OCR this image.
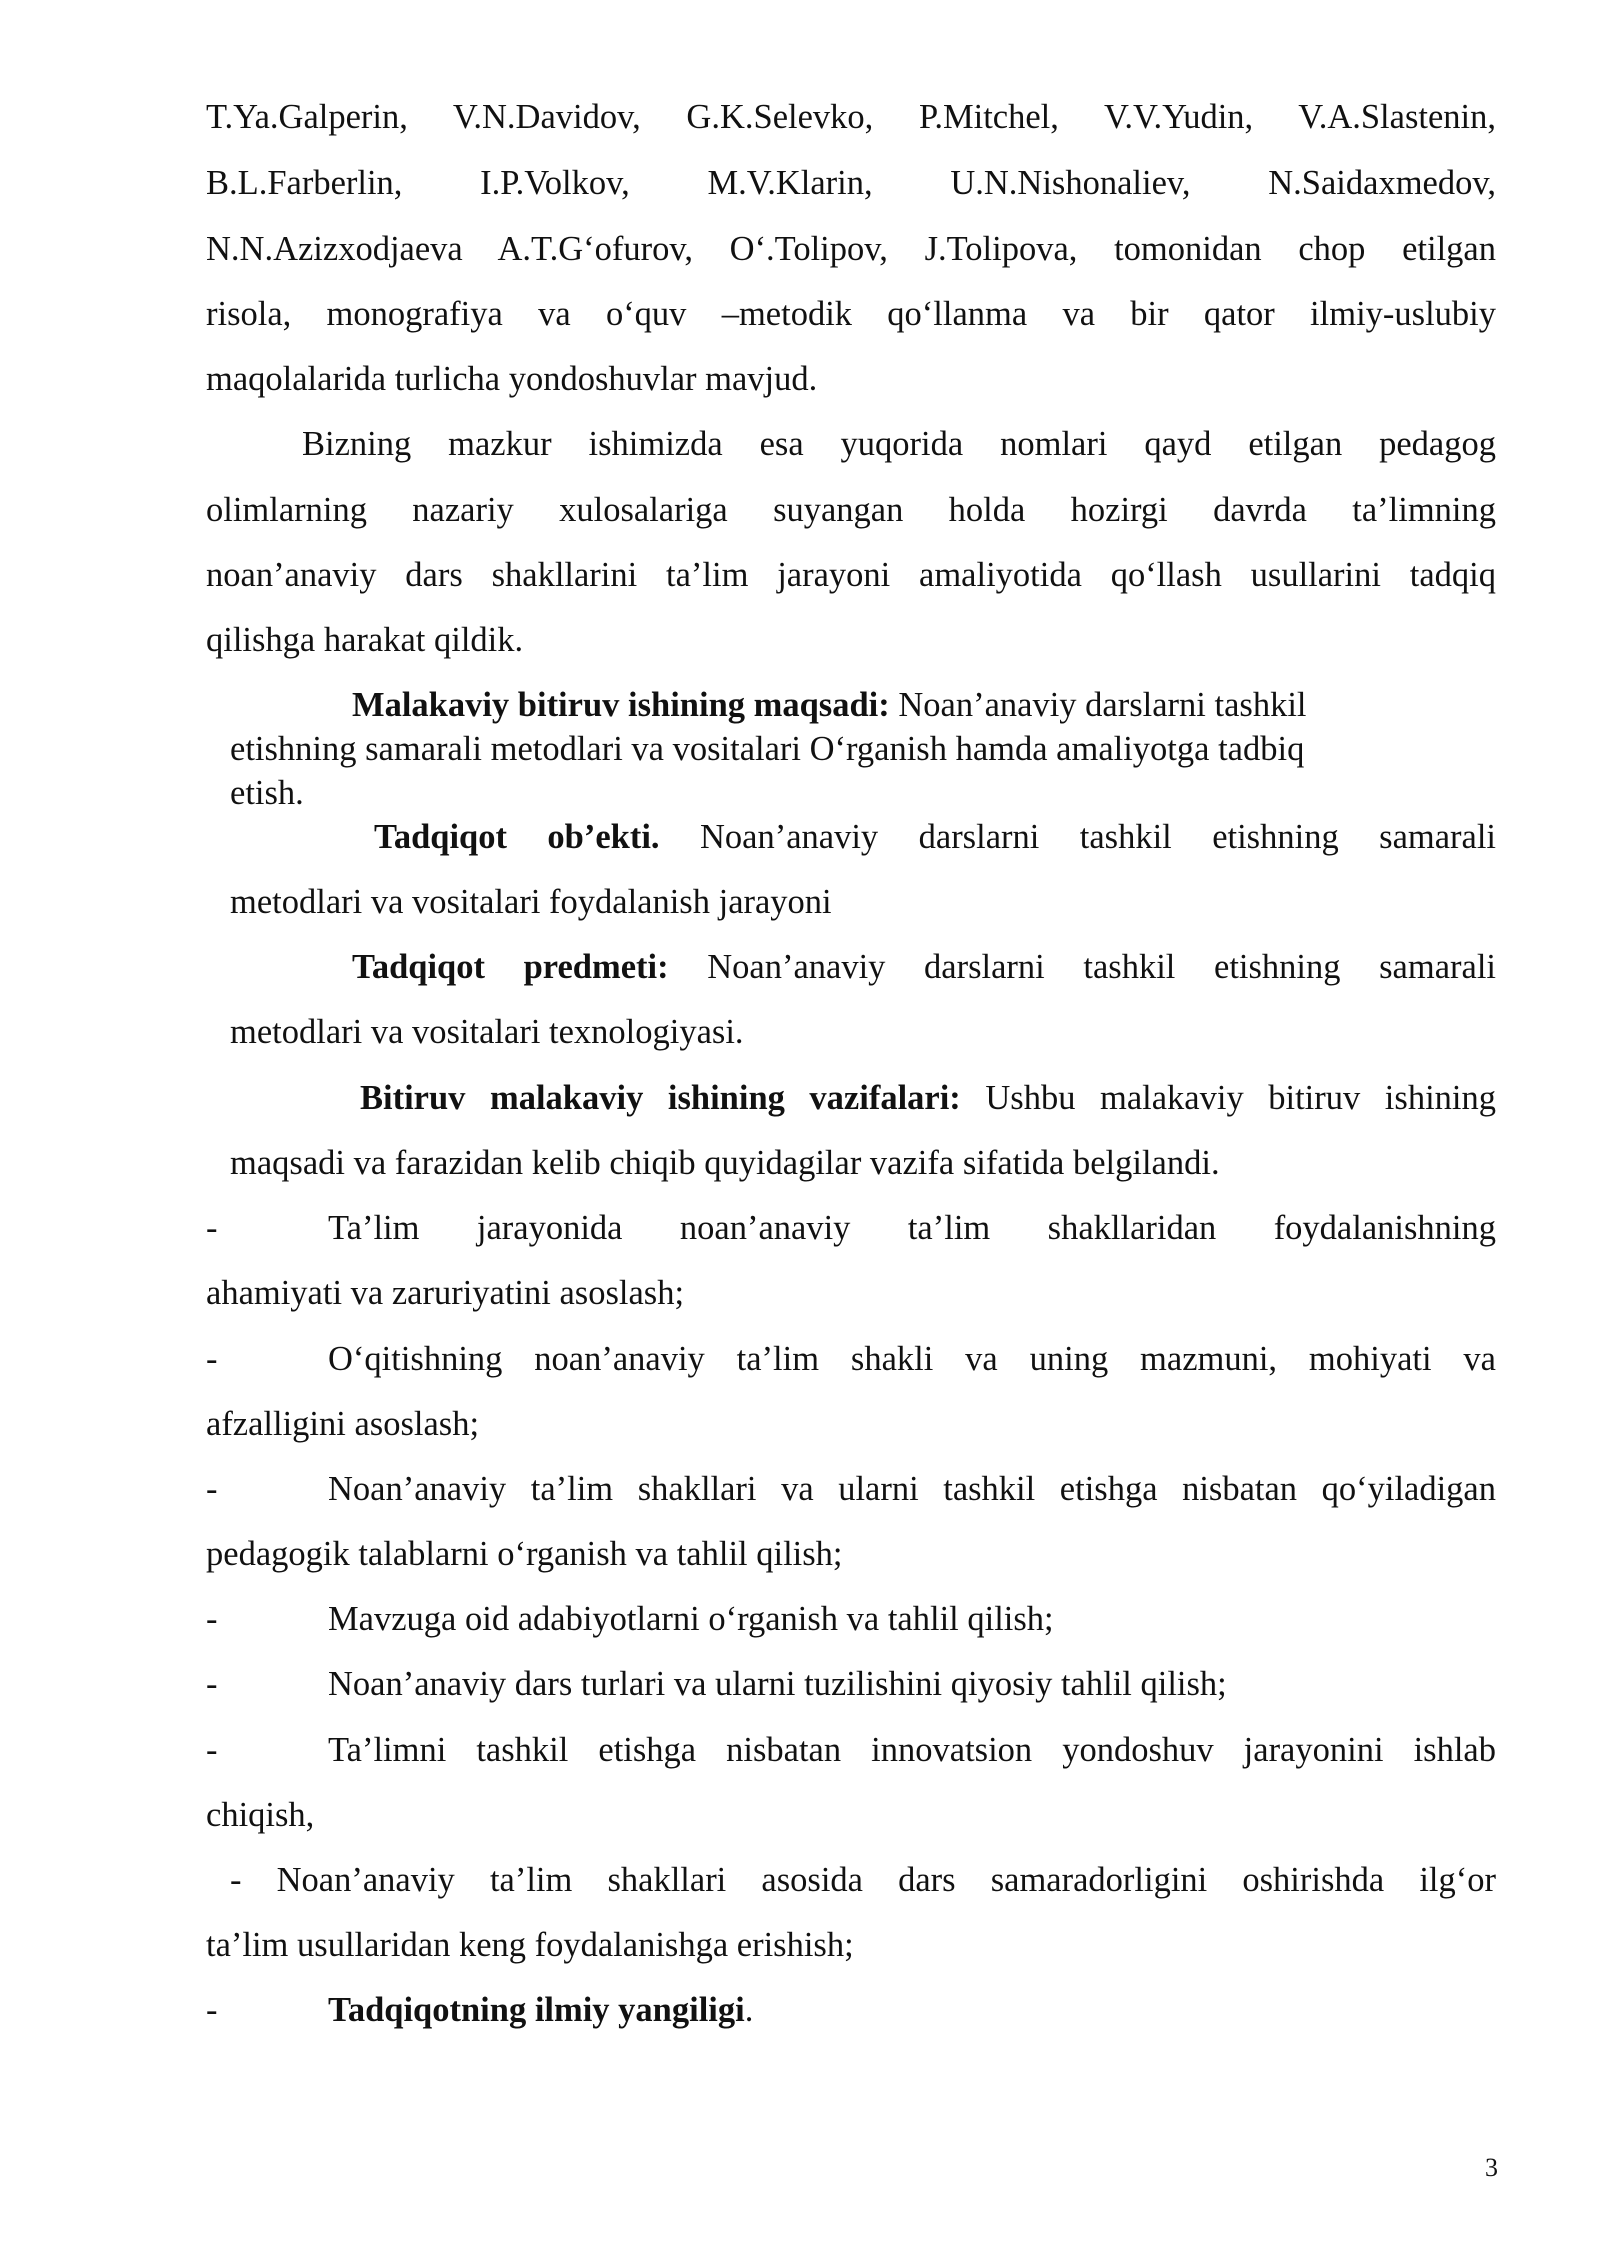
T.Ya.Galperin, V.N.Davidov, G.K.Selevko, P.Mitchel, V.V.Yudin, V.A.Slastenin,
B.L.Farberlin, I.P.Volkov, M.V.Klarin, U.N.Nishonaliev, N.Saidaxmedov,
N.N.Azizxodjaeva A.T.G‘ofurov, O‘.Tolipov, J.Tolipova, tomonidan chop etilgan
risola, monografiya va o‘quv –metodik qo‘llanma va bir qator ilmiy-uslubiy
maqolalarida turlicha yondoshuvlar mavjud.
Bizning mazkur ishimizda esa yuqorida nomlari qayd etilgan pedagog
olimlarning nazariy xulosalariga suyangan holda hozirgi davrda ta’limning
noan’anaviy dars shakllarini ta’lim jarayoni amaliyotida qo‘llash usullarini tadqiq
qilishga harakat qildik.
Malakaviy bitiruv ishining maqsadi: Noan’anaviy darslarni tashkil
etishning samarali metodlari va vositalari O‘rganish hamda amaliyotga tadbiq
etish.
Tadqiqot ob’ekti. Noan’anaviy darslarni tashkil etishning samarali
metodlari va vositalari foydalanish jarayoni
Tadqiqot predmeti: Noan’anaviy darslarni tashkil etishning samarali
metodlari va vositalari texnologiyasi.
Bitiruv malakaviy ishining vazifalari: Ushbu malakaviy bitiruv ishining
maqsadi va farazidan kelib chiqib quyidagilar vazifa sifatida belgilandi.
-	Ta’lim jarayonida noan’anaviy ta’lim shakllaridan foydalanishning
ahamiyati va zaruriyatini asoslash;
-	O‘qitishning noan’anaviy ta’lim shakli va uning mazmuni, mohiyati va
afzalligini asoslash;
-	Noan’anaviy ta’lim shakllari va ularni tashkil etishga nisbatan qo‘yiladigan
pedagogik talablarni o‘rganish va tahlil qilish;
-	Mavzuga oid adabiyotlarni o‘rganish va tahlil qilish;
-	Noan’anaviy dars turlari va ularni tuzilishini qiyosiy tahlil qilish;
-	Ta’limni tashkil etishga nisbatan innovatsion yondoshuv jarayonini ishlab
chiqish,
- Noan’anaviy ta’lim shakllari asosida dars samaradorligini oshirishda ilg‘or
ta’lim usullaridan keng foydalanishga erishish;
-	Tadqiqotning ilmiy yangiligi.
3
